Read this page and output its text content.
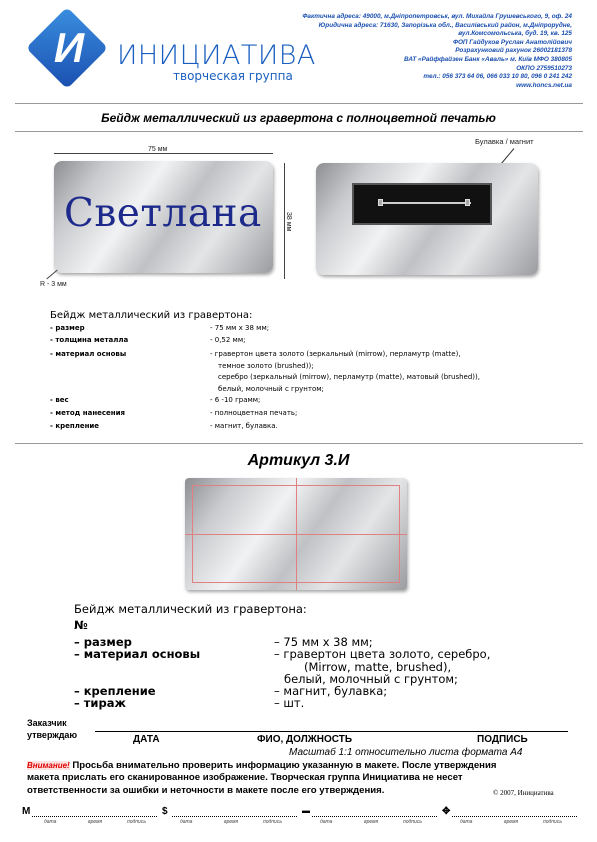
И ИНИЦИАТИВА
творческая группа
Фактична адреса: 49000, м.Дніпропетровськ, вул. Михайла Грушевського, 9, оф. 24
Юридична адреса: 71630, Запорізька обл., Василівський район, м.Дніпрорудне,
вул.Комсомольська, буд. 19, кв. 125
ФОП Гайдуков Руслан Анатолійович
Розрахунковий рахунок 26002181378
ВАТ «Райффайзен Банк «Аваль» м. Київ МФО 380805
ОКПО 2759510273
тел.: 056 373 64 06, 066 033 10 80, 096 0 241 242
www.honcs.net.ua
Бейдж металлический из гравертона с полноцветной печатью
75 мм
38 мм
Светлана
R - 3 мм
Булавка / магнит
Бейдж металлический из гравертона:
- размер	- 75 мм x 38 мм;
- толщина металла	- 0,52 мм;
- материал основы	- гравертон цвета золото (зеркальный (mirrow), перламутр (matte),
темное золото (brushed));
серебро (зеркальный (mirrow), перламутр (matte), матовый (brushed)),
белый, молочный с грунтом;
- вес	- 6 -10 грамм;
- метод нанесения	- полноцветная печать;
- крепление	- магнит, булавка.
Артикул 3.И
Бейдж металлический из гравертона:
№
– размер	– 75 мм x 38 мм;
– материал основы	– гравертон цвета золото, серебро,
(Mirrow, matte, brushed),
белый, молочный с грунтом;
– крепление	– магнит, булавка;
– тираж	– шт.
Заказчик
утверждаю	ДАТА	ФИО, ДОЛЖНОСТЬ	ПОДПИСЬ
Масштаб 1:1 относительно листа формата А4
Внимание! Просьба внимательно проверить информацию указанную в макете. После утверждения
макета прислать его сканированное изображение. Творческая группа Инициатива не несет
ответственности за ошибки и неточности в макете после его утверждения.	© 2007, Инициатива
M
дата	время	подпись
$
дата	время	подпись
▬
дата	время	подпись
✥
дата	время	подпись
